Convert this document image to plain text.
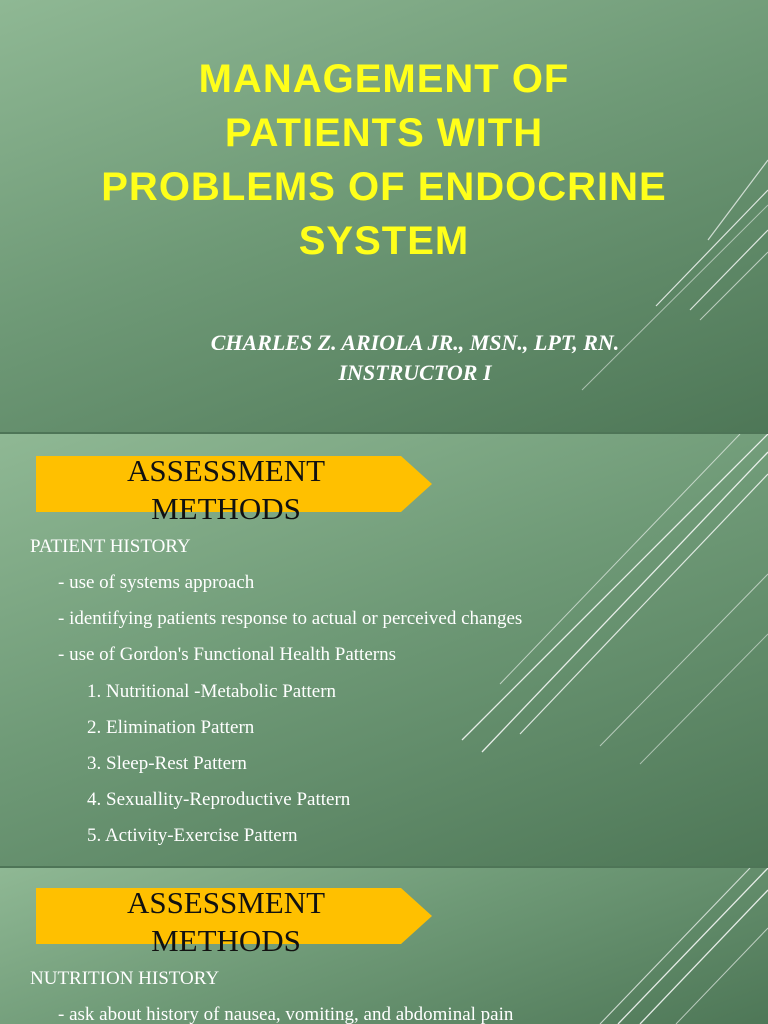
MANAGEMENT OF
PATIENTS WITH
PROBLEMS OF ENDOCRINE
SYSTEM
CHARLES Z. ARIOLA JR., MSN., LPT, RN.
INSTRUCTOR I
ASSESSMENT
METHODS
PATIENT HISTORY
- use of systems approach
- identifying patients response to actual or perceived changes
- use of Gordon's Functional Health Patterns
1. Nutritional -Metabolic Pattern
2. Elimination Pattern
3. Sleep-Rest Pattern
4. Sexuallity-Reproductive Pattern
5. Activity-Exercise Pattern
ASSESSMENT
METHODS
NUTRITION HISTORY
- ask about history of nausea, vomiting, and abdominal pain
